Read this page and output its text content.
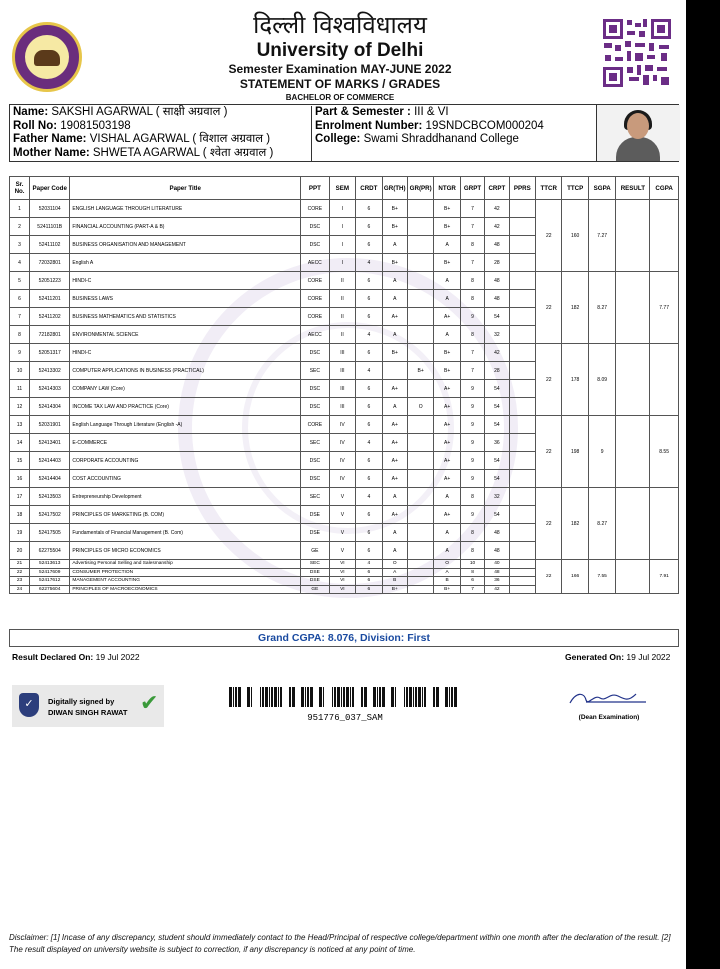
दिल्ली विश्वविधालय
University of Delhi
Semester Examination MAY-JUNE 2022
STATEMENT OF MARKS / GRADES
BACHELOR OF COMMERCE
Name: SAKSHI AGARWAL ( साक्षी अग्रवाल )
Roll No: 19081503198
Father Name: VISHAL AGARWAL ( विशाल अग्रवाल )
Mother Name: SHWETA AGARWAL ( श्वेता अग्रवाल )
Part & Semester : III & VI
Enrolment Number: 19SNDCBCOM000204
College: Swami Shraddhanand College
Sr. No.	Paper Code	Paper Title	PPT	SEM	CRDT	GR(TH)	GR(PR)	NTGR	GRPT	CRPT	PPRS	TTCR	TTCP	SGPA	RESULT	CGPA
1	52031104	ENGLISH LANGUAGE THROUGH LITERATURE	CORE	I	6	B+		B+	7	42		22	160	7.27		
2	52411101B	FINANCIAL ACCOUNTING (PART-A & B)	DSC	I	6	B+		B+	7	42						
3	52411102	BUSINESS ORGANISATION AND MANAGEMENT	DSC	I	6	A		A	8	48						
4	72032801	English A	AECC	I	4	B+		B+	7	28						
5	52051223	HINDI-C	CORE	II	6	A		A	8	48		22	182	8.27		7.77
6	52411201	BUSINESS LAWS	CORE	II	6	A		A	8	48						
7	52411202	BUSINESS MATHEMATICS AND STATISTICS	CORE	II	6	A+		A+	9	54						
8	72182801	ENVIRONMENTAL SCIENCE	AECC	II	4	A		A	8	32						
9	52051317	HINDI-C	DSC	III	6	B+		B+	7	42		22	178	8.09		
10	52413302	COMPUTER APPLICATIONS IN BUSINESS (PRACTICAL)	SEC	III	4		B+	B+	7	28						
11	52414303	COMPANY LAW (Core)	DSC	III	6	A+		A+	9	54						
12	52414304	INCOME TAX LAW AND PRACTICE (Core)	DSC	III	6	A	O	A+	9	54						
13	52031901	English Language Through Literature (English -A)	CORE	IV	6	A+		A+	9	54		22	198	9		8.55
14	52413401	E-COMMERCE	SEC	IV	4	A+		A+	9	36						
15	52414403	CORPORATE ACCOUNTING	DSC	IV	6	A+		A+	9	54						
16	52414404	COST ACCOUNTING	DSC	IV	6	A+		A+	9	54						
17	52413503	Entrepreneurship Development	SEC	V	4	A		A	8	32		22	182	8.27		
18	52417502	PRINCIPLES OF MARKETING (B. COM)	DSE	V	6	A+		A+	9	54						
19	52417505	Fundamentals of Financial Management (B. Com)	DSE	V	6	A		A	8	48						
20	62275504	PRINCIPLES OF MICRO ECONOMICS	GE	V	6	A		A	8	48						
21	52413613	Advertising Personal Selling and Salesmanship	SEC	VI	4	O		O	10	40		22	166	7.55		7.91
22	52417609	CONSUMER PROTECTION	DSE	VI	6	A		A	8	48						
23	52417612	MANAGEMENT ACCOUNTING	DSE	VI	6	B		B	6	36						
24	62275604	PRINCIPLES OF MACROECONOMICS	GE	VI	6	B+		B+	7	42						
Grand CGPA: 8.076, Division: First
Result Declared On: 19 Jul 2022	Generated On: 19 Jul 2022
✓	Digitally signed by
DIWAN SINGH RAWAT ✔
951776_037_SAM	(Dean Examination)
Disclaimer: [1] Incase of any discrepancy, student should immediately contact to the Head/Principal of respective college/department within one month after the declaration of the result. [2] The result displayed on university website is subject to correction, if any discrepancy is noticed at any point of time.
